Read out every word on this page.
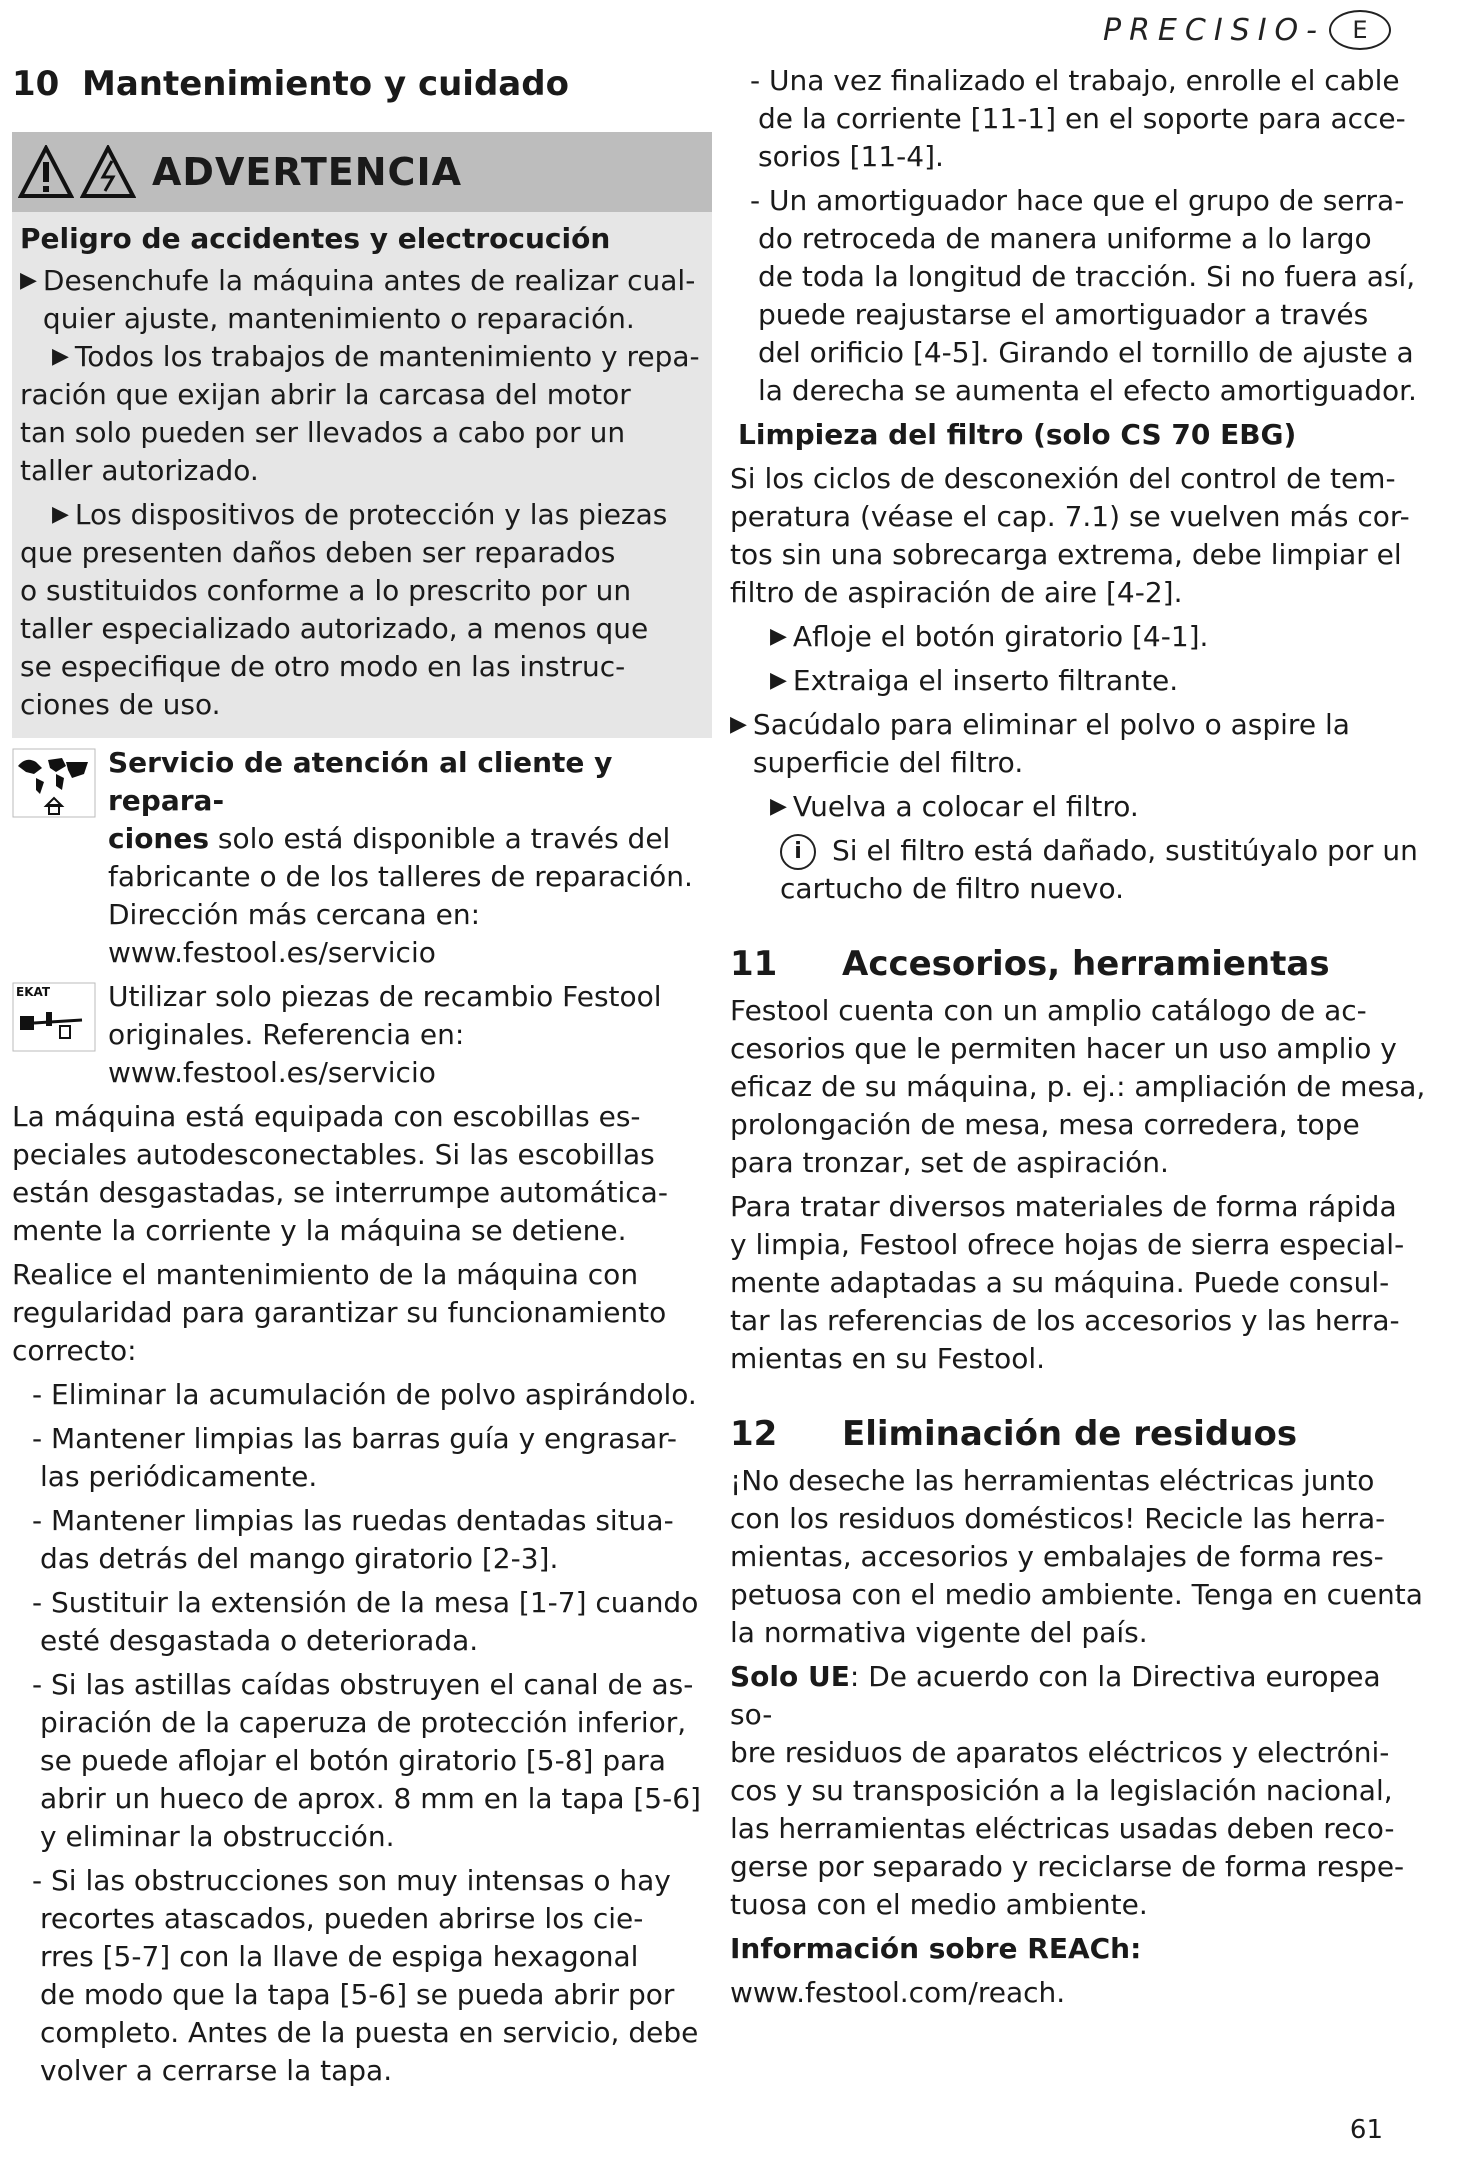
PRECISIO-	E
10 Mantenimiento y cuidado
ADVERTENCIA
Peligro de accidentes y electrocución
▶ Desenchufe la máquina antes de realizar cual-
quier ajuste, mantenimiento o reparación.
▶ Todos los trabajos de mantenimiento y repa-
ración que exijan abrir la carcasa del motor
tan solo pueden ser llevados a cabo por un
taller autorizado.
▶ Los dispositivos de protección y las piezas
que presenten daños deben ser reparados
o sustituidos conforme a lo prescrito por un
taller especializado autorizado, a menos que
se especifique de otro modo en las instruc-
ciones de uso.
Servicio de atención al cliente y repara-
ciones solo está disponible a través del
fabricante o de los talleres de reparación.
Dirección más cercana en:
www.festool.es/servicio
EKAT Utilizar solo piezas de recambio Festool
originales. Referencia en:
www.festool.es/servicio
La máquina está equipada con escobillas es-
peciales autodesconectables. Si las escobillas
están desgastadas, se interrumpe automática-
mente la corriente y la máquina se detiene.
Realice el mantenimiento de la máquina con
regularidad para garantizar su funcionamiento
correcto:
- Eliminar la acumulación de polvo aspirándolo.
- Mantener limpias las barras guía y engrasar-
las periódicamente.
- Mantener limpias las ruedas dentadas situa-
das detrás del mango giratorio [2-3].
- Sustituir la extensión de la mesa [1-7] cuando
esté desgastada o deteriorada.
- Si las astillas caídas obstruyen el canal de as-
piración de la caperuza de protección inferior,
se puede aflojar el botón giratorio [5-8] para
abrir un hueco de aprox. 8 mm en la tapa [5-6]
y eliminar la obstrucción.
- Si las obstrucciones son muy intensas o hay
recortes atascados, pueden abrirse los cie-
rres [5-7] con la llave de espiga hexagonal
de modo que la tapa [5-6] se pueda abrir por
completo. Antes de la puesta en servicio, debe
volver a cerrarse la tapa.
- Una vez finalizado el trabajo, enrolle el cable
de la corriente [11-1] en el soporte para acce-
sorios [11-4].
- Un amortiguador hace que el grupo de serra-
do retroceda de manera uniforme a lo largo
de toda la longitud de tracción. Si no fuera así,
puede reajustarse el amortiguador a través
del orificio [4-5]. Girando el tornillo de ajuste a
la derecha se aumenta el efecto amortiguador.
Limpieza del filtro (solo CS 70 EBG)
Si los ciclos de desconexión del control de tem-
peratura (véase el cap. 7.1) se vuelven más cor-
tos sin una sobrecarga extrema, debe limpiar el
filtro de aspiración de aire [4-2].
▶ Afloje el botón giratorio [4-1].
▶ Extraiga el inserto filtrante.
▶ Sacúdalo para eliminar el polvo o aspire la
superficie del filtro.
▶ Vuelva a colocar el filtro.
i	Si el filtro está dañado, sustitúyalo por un
cartucho de filtro nuevo.
11 Accesorios, herramientas
Festool cuenta con un amplio catálogo de ac-
cesorios que le permiten hacer un uso amplio y
eficaz de su máquina, p. ej.: ampliación de mesa,
prolongación de mesa, mesa corredera, tope
para tronzar, set de aspiración.
Para tratar diversos materiales de forma rápida
y limpia, Festool ofrece hojas de sierra especial-
mente adaptadas a su máquina. Puede consul-
tar las referencias de los accesorios y las herra-
mientas en su Festool.
12 Eliminación de residuos
¡No deseche las herramientas eléctricas junto
con los residuos domésticos! Recicle las herra-
mientas, accesorios y embalajes de forma res-
petuosa con el medio ambiente. Tenga en cuenta
la normativa vigente del país.
Solo UE: De acuerdo con la Directiva europea so-
bre residuos de aparatos eléctricos y electróni-
cos y su transposición a la legislación nacional,
las herramientas eléctricas usadas deben reco-
gerse por separado y reciclarse de forma respe-
tuosa con el medio ambiente.
Información sobre REACh:
www.festool.com/reach.
61
